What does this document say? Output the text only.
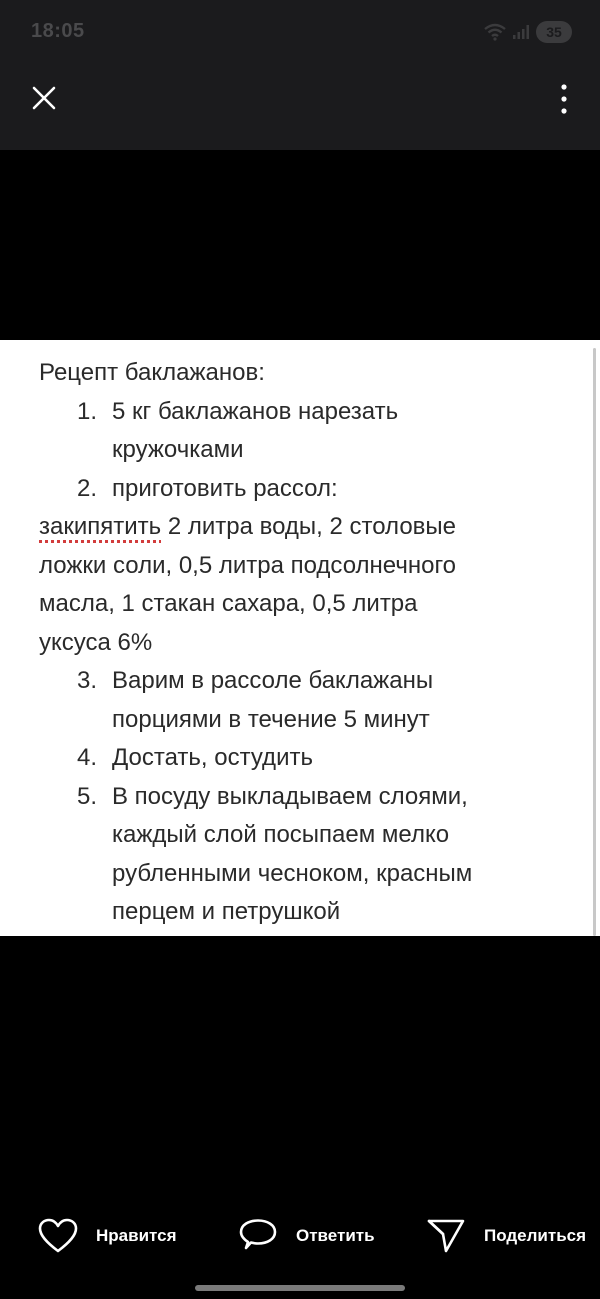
18:05	35
Рецепт баклажанов:
1. 5 кг баклажанов нарезать
кружочками
2. приготовить рассол:
закипятить 2 литра воды, 2 столовые
ложки соли, 0,5 литра подсолнечного
масла, 1 стакан сахара, 0,5 литра
уксуса 6%
3. Варим в рассоле баклажаны
порциями в течение 5 минут
4. Достать, остудить
5. В посуду выкладываем слоями,
каждый слой посыпаем мелко
рубленными чесноком, красным
перцем и петрушкой
Нравится	Ответить	Поделиться
